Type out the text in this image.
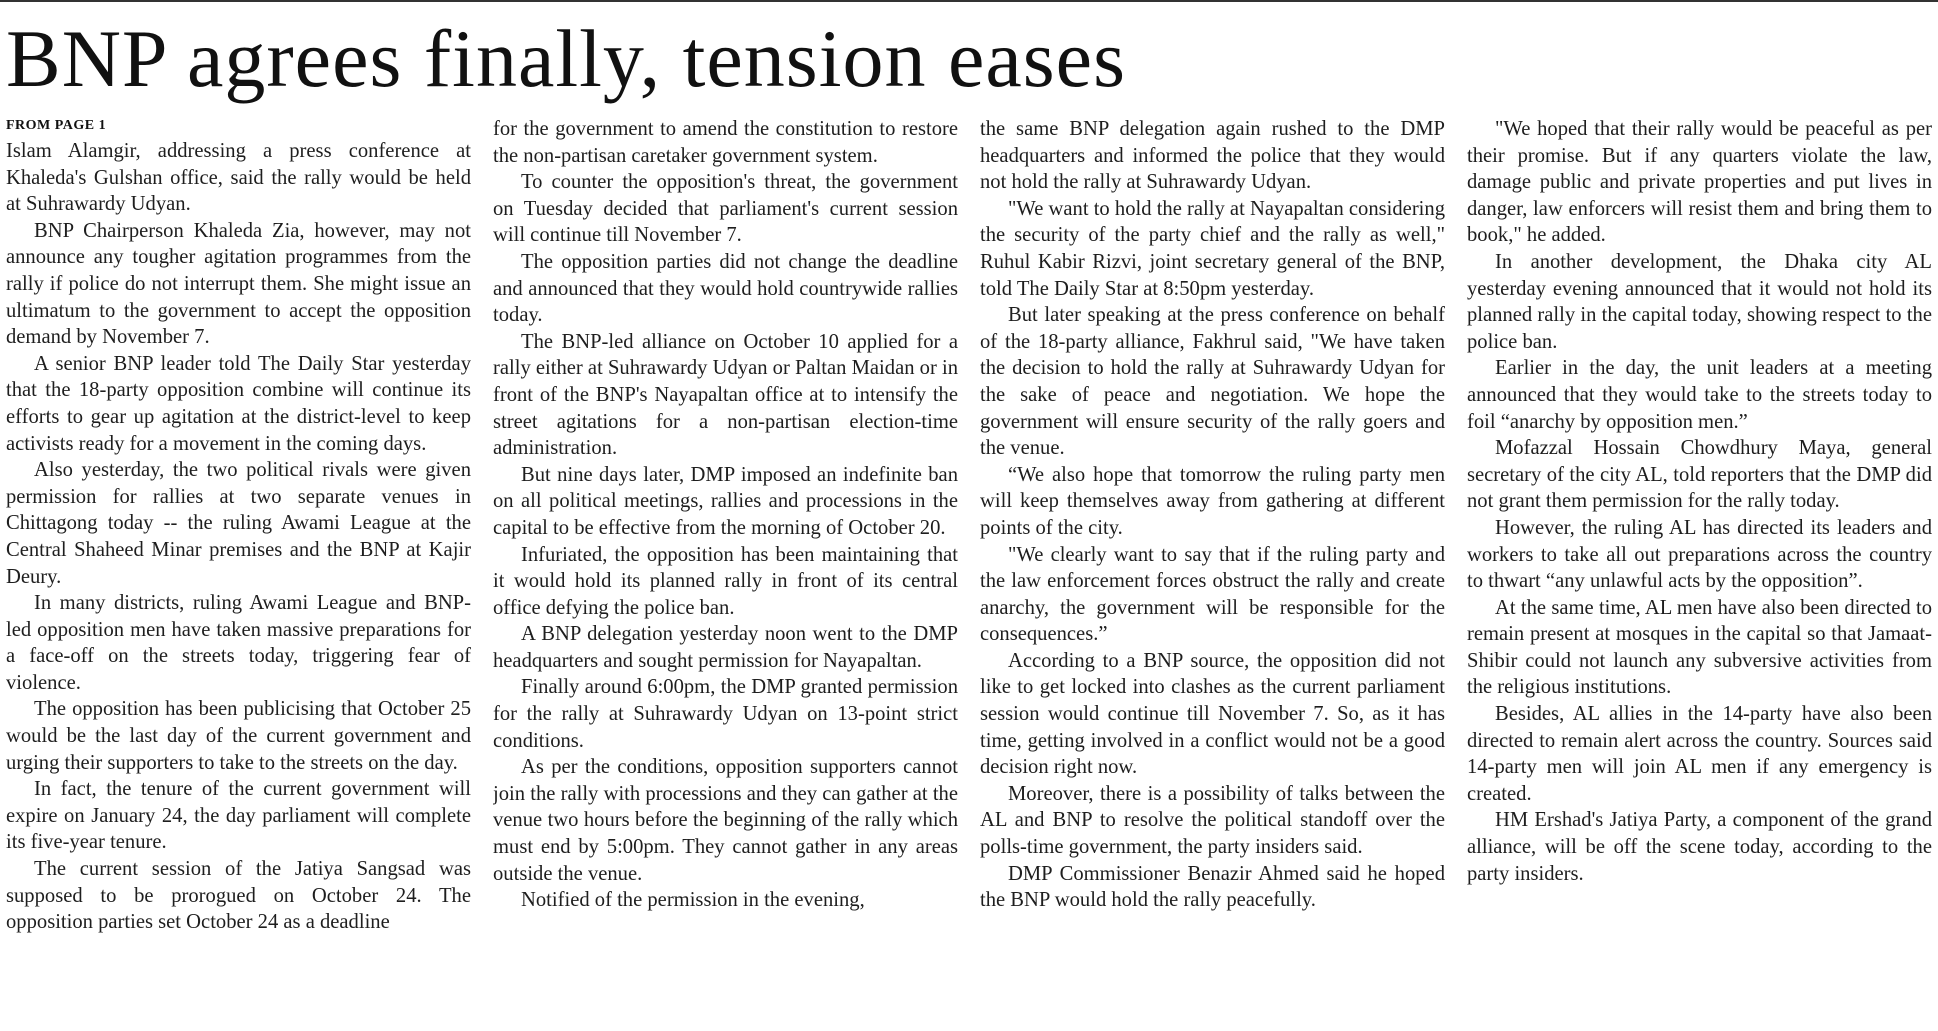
BNP agrees finally, tension eases
FROM PAGE 1

Islam Alamgir, addressing a press conference at Khaleda's Gulshan office, said the rally would be held at Suhrawardy Udyan.

BNP Chairperson Khaleda Zia, however, may not announce any tougher agitation programmes from the rally if police do not interrupt them. She might issue an ultimatum to the government to accept the opposition demand by November 7.

A senior BNP leader told The Daily Star yesterday that the 18-party opposition combine will continue its efforts to gear up agitation at the district-level to keep activists ready for a movement in the coming days.

Also yesterday, the two political rivals were given permission for rallies at two separate venues in Chittagong today -- the ruling Awami League at the Central Shaheed Minar premises and the BNP at Kajir Deury.

In many districts, ruling Awami League and BNP-led opposition men have taken massive preparations for a face-off on the streets today, triggering fear of violence.

The opposition has been publicising that October 25 would be the last day of the current government and urging their supporters to take to the streets on the day.

In fact, the tenure of the current government will expire on January 24, the day parliament will complete its five-year tenure.

The current session of the Jatiya Sangsad was supposed to be prorogued on October 24. The opposition parties set October 24 as a deadline

for the government to amend the constitution to restore the non-partisan caretaker government system.

To counter the opposition's threat, the government on Tuesday decided that parliament's current session will continue till November 7.

The opposition parties did not change the deadline and announced that they would hold countrywide rallies today.

The BNP-led alliance on October 10 applied for a rally either at Suhrawardy Udyan or Paltan Maidan or in front of the BNP's Nayapaltan office at to intensify the street agitations for a non-partisan election-time administration.

But nine days later, DMP imposed an indefinite ban on all political meetings, rallies and processions in the capital to be effective from the morning of October 20.

Infuriated, the opposition has been maintaining that it would hold its planned rally in front of its central office defying the police ban.

A BNP delegation yesterday noon went to the DMP headquarters and sought permission for Nayapaltan.

Finally around 6:00pm, the DMP granted permission for the rally at Suhrawardy Udyan on 13-point strict conditions.

As per the conditions, opposition supporters cannot join the rally with processions and they can gather at the venue two hours before the beginning of the rally which must end by 5:00pm. They cannot gather in any areas outside the venue.

Notified of the permission in the evening,

the same BNP delegation again rushed to the DMP headquarters and informed the police that they would not hold the rally at Suhrawardy Udyan.

"We want to hold the rally at Nayapaltan considering the security of the party chief and the rally as well," Ruhul Kabir Rizvi, joint secretary general of the BNP, told The Daily Star at 8:50pm yesterday.

But later speaking at the press conference on behalf of the 18-party alliance, Fakhrul said, "We have taken the decision to hold the rally at Suhrawardy Udyan for the sake of peace and negotiation. We hope the government will ensure security of the rally goers and the venue.

“We also hope that tomorrow the ruling party men will keep themselves away from gathering at different points of the city.

"We clearly want to say that if the ruling party and the law enforcement forces obstruct the rally and create anarchy, the government will be responsible for the consequences.”

According to a BNP source, the opposition did not like to get locked into clashes as the current parliament session would continue till November 7. So, as it has time, getting involved in a conflict would not be a good decision right now.

Moreover, there is a possibility of talks between the AL and BNP to resolve the political standoff over the polls-time government, the party insiders said.

DMP Commissioner Benazir Ahmed said he hoped the BNP would hold the rally peacefully.

"We hoped that their rally would be peaceful as per their promise. But if any quarters violate the law, damage public and private properties and put lives in danger, law enforcers will resist them and bring them to book," he added.

In another development, the Dhaka city AL yesterday evening announced that it would not hold its planned rally in the capital today, showing respect to the police ban.

Earlier in the day, the unit leaders at a meeting announced that they would take to the streets today to foil “anarchy by opposition men.”

Mofazzal Hossain Chowdhury Maya, general secretary of the city AL, told reporters that the DMP did not grant them permission for the rally today.

However, the ruling AL has directed its leaders and workers to take all out preparations across the country to thwart “any unlawful acts by the opposition”.

At the same time, AL men have also been directed to remain present at mosques in the capital so that Jamaat-Shibir could not launch any subversive activities from the religious institutions.

Besides, AL allies in the 14-party have also been directed to remain alert across the country. Sources said 14-party men will join AL men if any emergency is created.

HM Ershad's Jatiya Party, a component of the grand alliance, will be off the scene today, according to the party insiders.
